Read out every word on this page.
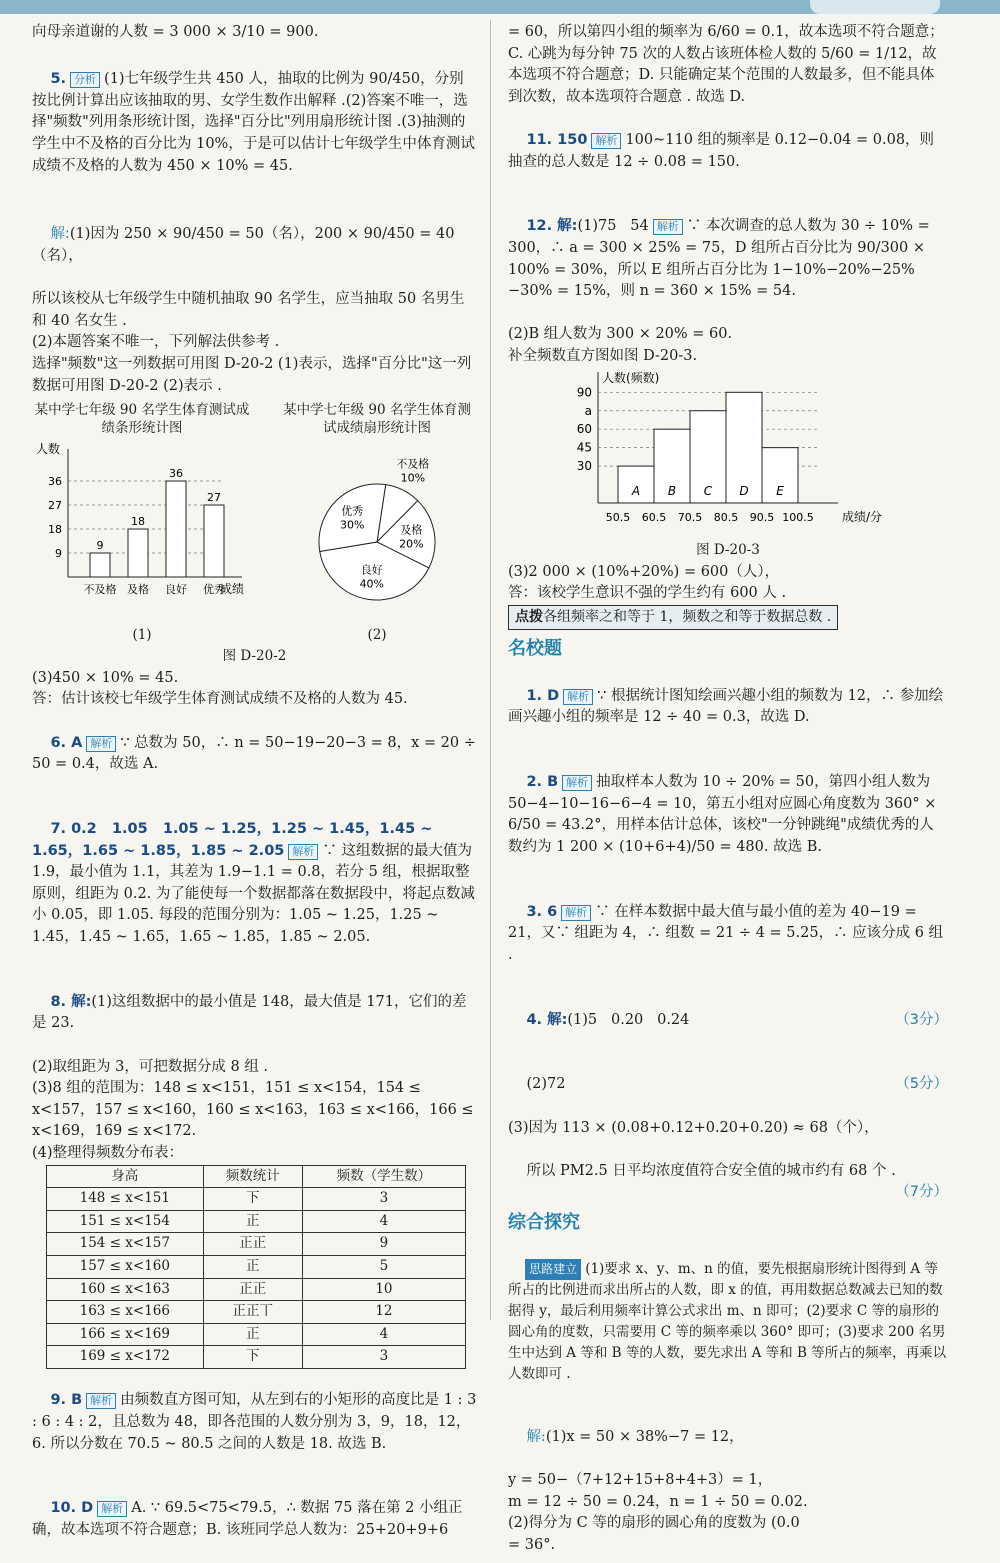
向母亲道谢的人数 = 3 000 × 3/10 = 900.

5. 分析 (1)七年级学生共 450 人，抽取的比例为 90/450，分别按比例计算出应该抽取的男、女学生数作出解释 .(2)答案不唯一，选择"频数"列用条形统计图，选择"百分比"列用扇形统计图 .(3)抽测的学生中不及格的百分比为 10%，于是可以估计七年级学生中体育测试成绩不及格的人数为 450 × 10% = 45.

解:(1)因为 250 × 90/450 = 50（名），200 × 90/450 = 40（名），

所以该校从七年级学生中随机抽取 90 名学生，应当抽取 50 名男生和 40 名女生 .

(2)本题答案不唯一，下列解法供参考 .

选择"频数"这一列数据可用图 D-20-2 (1)表示，选择"百分比"这一列数据可用图 D-20-2 (2)表示 .

某中学七年级 90 名学生体育测试成绩条形统计图
人数
成绩
9
18
27
36
9
不及格
18
及格
36
良好
27
优秀
(1)
某中学七年级 90 名学生体育测试成绩扇形统计图
不及格
10%
及格
20%
良好
40%
优秀
30%
(2)
图 D-20-2

(3)450 × 10% = 45.

答：估计该校七年级学生体育测试成绩不及格的人数为 45.

6. A 解析 ∵ 总数为 50，∴ n = 50−19−20−3 = 8，x = 20 ÷ 50 = 0.4，故选 A.

7. 0.2   1.05   1.05 ~ 1.25，1.25 ~ 1.45，1.45 ~ 1.65，1.65 ~ 1.85，1.85 ~ 2.05 解析 ∵ 这组数据的最大值为 1.9，最小值为 1.1，其差为 1.9−1.1 = 0.8，若分 5 组，根据取整原则，组距为 0.2. 为了能使每一个数据都落在数据段中，将起点数减小 0.05，即 1.05. 每段的范围分别为：1.05 ~ 1.25，1.25 ~ 1.45，1.45 ~ 1.65，1.65 ~ 1.85，1.85 ~ 2.05.

8. 解:(1)这组数据中的最小值是 148，最大值是 171，它们的差是 23.

(2)取组距为 3，可把数据分成 8 组 .

(3)8 组的范围为：148 ≤ x<151，151 ≤ x<154，154 ≤ x<157，157 ≤ x<160，160 ≤ x<163，163 ≤ x<166，166 ≤ x<169，169 ≤ x<172.

(4)整理得频数分布表：

身高	频数统计	频数（学生数）
148 ≤ x<151	下	3
151 ≤ x<154	正	4
154 ≤ x<157	正正	9
157 ≤ x<160	正	5
160 ≤ x<163	正正	10
163 ≤ x<166	正正丅	12
166 ≤ x<169	正	4
169 ≤ x<172	下	3

9. B 解析 由频数直方图可知，从左到右的小矩形的高度比是 1 : 3 : 6 : 4 : 2，且总数为 48，即各范围的人数分别为 3，9，18，12，6. 所以分数在 70.5 ~ 80.5 之间的人数是 18. 故选 B.

10. D 解析 A. ∵ 69.5<75<79.5，∴ 数据 75 落在第 2 小组正确，故本选项不符合题意；B. 该班同学总人数为：25+20+9+6

= 60，所以第四小组的频率为 6/60 = 0.1，故本选项不符合题意；C. 心跳为每分钟 75 次的人数占该班体检人数的 5/60 = 1/12，故本选项不符合题意；D. 只能确定某个范围的人数最多，但不能具体到次数，故本选项符合题意 . 故选 D.

11. 150 解析 100~110 组的频率是 0.12−0.04 = 0.08，则抽查的总人数是 12 ÷ 0.08 = 150.

12. 解:(1)75   54 解析 ∵ 本次调查的总人数为 30 ÷ 10% = 300，∴ a = 300 × 25% = 75，D 组所占百分比为 90/300 × 100% = 30%，所以 E 组所占百分比为 1−10%−20%−25%−30% = 15%，则 n = 360 × 15% = 54.

(2)B 组人数为 300 × 20% = 60.

补全频数直方图如图 D-20-3.

人数(频数)
成绩/分
30
45
60
a
90
50.5 60.5 70.5 80.5 90.5 100.5
A B C D E
图 D-20-3

(3)2 000 × (10%+20%) = 600（人），

答：该校学生意识不强的学生约有 600 人 .

点拨各组频率之和等于 1，频数之和等于数据总数 .
名校题

1. D 解析 ∵ 根据统计图知绘画兴趣小组的频数为 12，∴ 参加绘画兴趣小组的频率是 12 ÷ 40 = 0.3，故选 D.

2. B 解析 抽取样本人数为 10 ÷ 20% = 50，第四小组人数为 50−4−10−16−6−4 = 10，第五小组对应圆心角度数为 360° × 6/50 = 43.2°，用样本估计总体，该校"一分钟跳绳"成绩优秀的人数约为 1 200 × (10+6+4)/50 = 480. 故选 B.

3. 6 解析 ∵ 在样本数据中最大值与最小值的差为 40−19 = 21，又∵ 组距为 4，∴ 组数 = 21 ÷ 4 = 5.25，∴ 应该分成 6 组 .

4. 解:(1)5   0.20   0.24	（3分）

(2)72	（5分）

(3)因为 113 × (0.08+0.12+0.20+0.20) ≈ 68（个），

所以 PM2.5 日平均浓度值符合安全值的城市约有 68 个 .
（7分）

综合探究

思路建立 (1)要求 x、y、m、n 的值，要先根据扇形统计图得到 A 等所占的比例进而求出所占的人数，即 x 的值，再用数据总数减去已知的数据得 y，最后利用频率计算公式求出 m、n 即可；(2)要求 C 等的扇形的圆心角的度数，只需要用 C 等的频率乘以 360° 即可；(3)要求 200 名男生中达到 A 等和 B 等的人数，要先求出 A 等和 B 等所占的频率，再乘以人数即可 .

解:(1)x = 50 × 38%−7 = 12，

y = 50−（7+12+15+8+4+3）= 1，

m = 12 ÷ 50 = 0.24，n = 1 ÷ 50 = 0.02.

(2)得分为 C 等的扇形的圆心角的度数为 (0.0

= 36°.
